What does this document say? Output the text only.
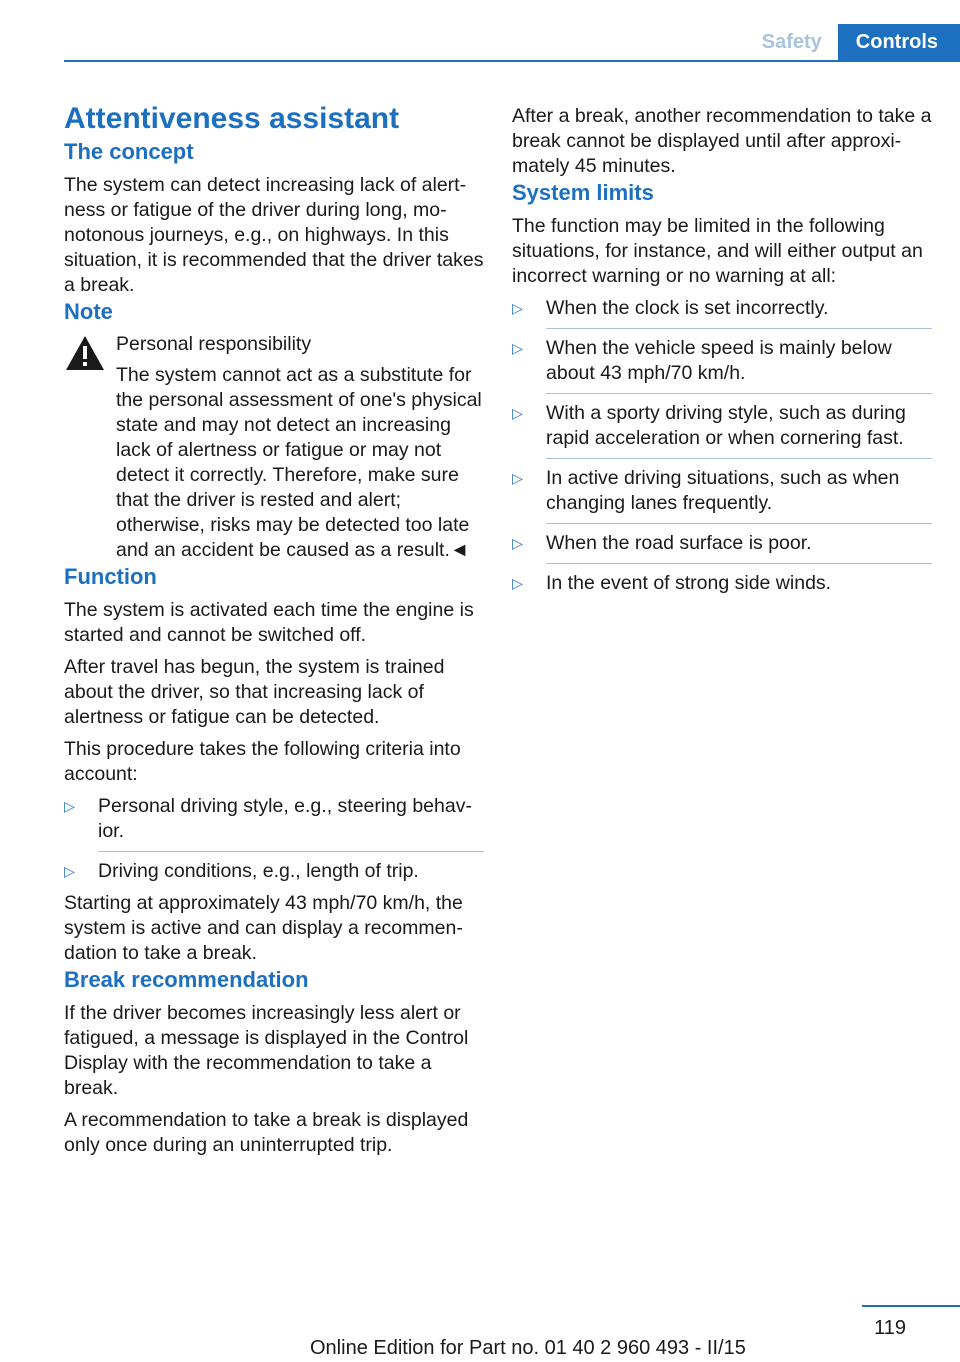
Safety	Controls
Attentiveness assistant
The concept

The system can detect increasing lack of alertness or fatigue of the driver during long, monotonous journeys, e.g., on highways. In this situation, it is recommended that the driver takes a break.

Note

Personal responsibility

The system cannot act as a substitute for the personal assessment of one's physical state and may not detect an increasing lack of alertness or fatigue or may not detect it correctly. Therefore, make sure that the driver is rested and alert; otherwise, risks may be detected too late and an accident be caused as a result.◄

Function

The system is activated each time the engine is started and cannot be switched off.

After travel has begun, the system is trained about the driver, so that increasing lack of alertness or fatigue can be detected.

This procedure takes the following criteria into account:

▷ Personal driving style, e.g., steering behavior.
▷ Driving conditions, e.g., length of trip.

Starting at approximately 43 mph/70 km/h, the system is active and can display a recommendation to take a break.

Break recommendation

If the driver becomes increasingly less alert or fatigued, a message is displayed in the Control Display with the recommendation to take a break.

A recommendation to take a break is displayed only once during an uninterrupted trip.

After a break, another recommendation to take a break cannot be displayed until after approximately 45 minutes.

System limits

The function may be limited in the following situations, for instance, and will either output an incorrect warning or no warning at all:

▷ When the clock is set incorrectly.
▷ When the vehicle speed is mainly below about 43 mph/70 km/h.
▷ With a sporty driving style, such as during rapid acceleration or when cornering fast.
▷ In active driving situations, such as when changing lanes frequently.
▷ When the road surface is poor.
▷ In the event of strong side winds.
119
Online Edition for Part no. 01 40 2 960 493 - II/15
